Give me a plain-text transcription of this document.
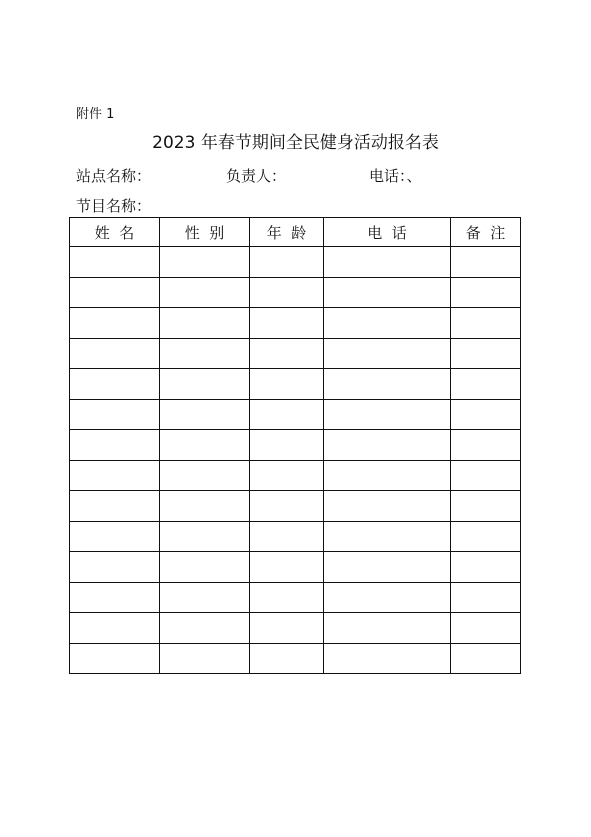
附件 1
2023 年春节期间全民健身活动报名表
站点名称：	负责人：	电话：、
节目名称：
姓  名	性  别	年  龄	电  话	备  注
